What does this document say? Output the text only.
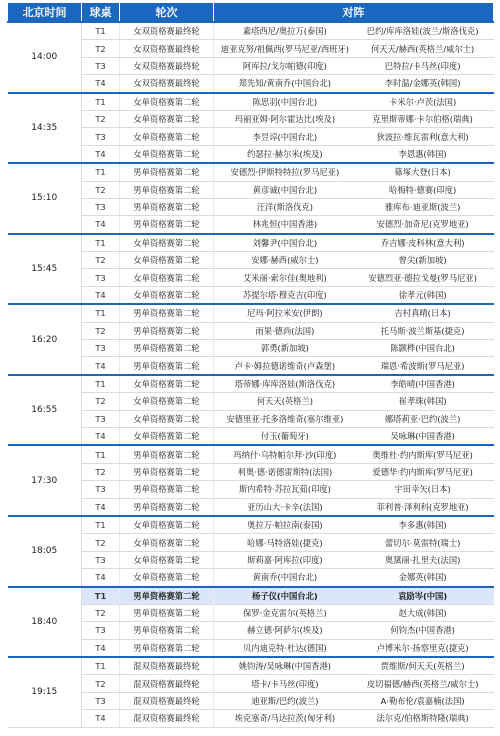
北京时间	球桌	轮次	对阵
14:00	T1	女双资格赛最终轮	素塔西尼/奥拉万(泰国) 巴约/库库洛娃(波兰/斯洛伐克)
	T2	女双资格赛最终轮	迪亚克努/祖佩西(罗马尼亚/西班牙) 何天天/赫西(英格兰/威尔士)
	T3	女双资格赛最终轮	阿库拉/戈尔帕德(印度) 巴特拉/卡马丝(印度)
	T4	女双资格赛最终轮	郑先知/黄南乔(中国台北) 李时温/金娜英(韩国)
14:35	T1	女单资格赛第二轮	陈思羽(中国台北) 卡米尔·卢茨(法国)
	T2	女单资格赛第二轮	玛丽亚姆·阿尔霍达比(埃及) 克里斯蒂娜·卡尔伯格(瑞典)
	T3	女单资格赛第二轮	李昱谆(中国台北) 狄波拉·维瓦雷利(意大利)
	T4	女单资格赛第二轮	约瑟拉·赫尔米(埃及) 李恩惠(韩国)
15:10	T1	男单资格赛第二轮	安德烈·伊斯特特拉(罗马尼亚) 篠塚大登(日本)
	T2	男单资格赛第二轮	黄彦诚(中国台北) 哈梅特·德赛(印度)
	T3	男单资格赛第二轮	汪洋(斯洛伐克) 雅库布·迪亚斯(波兰)
	T4	男单资格赛第二轮	林兆恒(中国香港) 安德烈·加奇尼(克罗地亚)
15:45	T1	女单资格赛第二轮	刘馨尹(中国台北) 乔吉娜·皮科林(意大利)
	T2	女单资格赛第二轮	安娜·赫西(威尔士) 曾尖(新加坡)
	T3	女单资格赛第二轮	艾米丽·索尔佳(奥地利) 安德烈亚·德拉戈曼(罗马尼亚)
	T4	女单资格赛第二轮	苏提尔塔·穆克吉(印度) 徐孝元(韩国)
16:20	T1	男单资格赛第二轮	尼玛·阿拉米安(伊朗) 吉村真晴(日本)
	T2	男单资格赛第二轮	雨果·德尚(法国) 托马斯·波兰斯基(捷克)
	T3	男单资格赛第二轮	郭勇(新加坡) 陈颢桦(中国台北)
	T4	男单资格赛第二轮	卢卡·姆拉德诺维奇(卢森堡) 瑞恩·希波斯(罗马尼亚)
16:55	T1	女单资格赛第二轮	塔蒂娜·库库洛娃(斯洛伐克) 李皓晴(中国香港)
	T2	女单资格赛第二轮	何天天(英格兰) 崔孝珠(韩国)
	T3	女单资格赛第二轮	安德里亚·托多洛维奇(塞尔维亚) 娜塔莉亚·巴约(波兰)
	T4	女单资格赛第二轮	付玉(葡萄牙) 吴咏琳(中国香港)
17:30	T1	男单资格赛第二轮	玛纳什·乌特帕尔拜·沙(印度) 奥维杜·约内斯库(罗马尼亚)
	T2	男单资格赛第二轮	利奥·德·诺德雷斯特(法国) 爱德华·约内斯库(罗马尼亚)
	T3	男单资格赛第二轮	斯内希特·苏拉瓦茹(印度) 宇田幸矢(日本)
	T4	男单资格赛第二轮	亚历山大·卡辛(法国) 菲利普·泽利科(克罗地亚)
18:05	T1	女单资格赛第二轮	奥拉万·帕拉南(泰国) 李多惠(韩国)
	T2	女单资格赛第二轮	哈娜·马特洛娃(捷克) 蕾切尔·莫雷特(瑞士)
	T3	女单资格赛第二轮	斯莉嘉·阿库拉(印度) 奥黛丽·扎里夫(法国)
	T4	女单资格赛第二轮	黄南乔(中国台北) 金娜英(韩国)
18:40	T1	男单资格赛第二轮	杨子仪(中国台北) 袁励岑(中国)
	T2	男单资格赛第二轮	保罗·金克雷尔(英格兰) 赵大成(韩国)
	T3	男单资格赛第二轮	赫立德·阿萨尔(埃及) 何钧杰(中国香港)
	T4	男单资格赛第二轮	贝内迪克特·杜达(德国) 卢博米尔·扬察里克(捷克)
19:15	T1	混双资格赛最终轮	姚钧涛/吴咏琳(中国香港) 贾维斯/何天天(英格兰)
	T2	混双资格赛最终轮	塔卡/卡马丝(印度) 皮切福德/赫西(英格兰/威尔士)
	T3	混双资格赛最终轮	迪亚斯/巴约(波兰) A·勒布伦/袁嘉楠(法国)
	T4	混双资格赛最终轮	埃克塞奇/马达拉茨(匈牙利) 法尔克/伯格斯特隆(瑞典)
